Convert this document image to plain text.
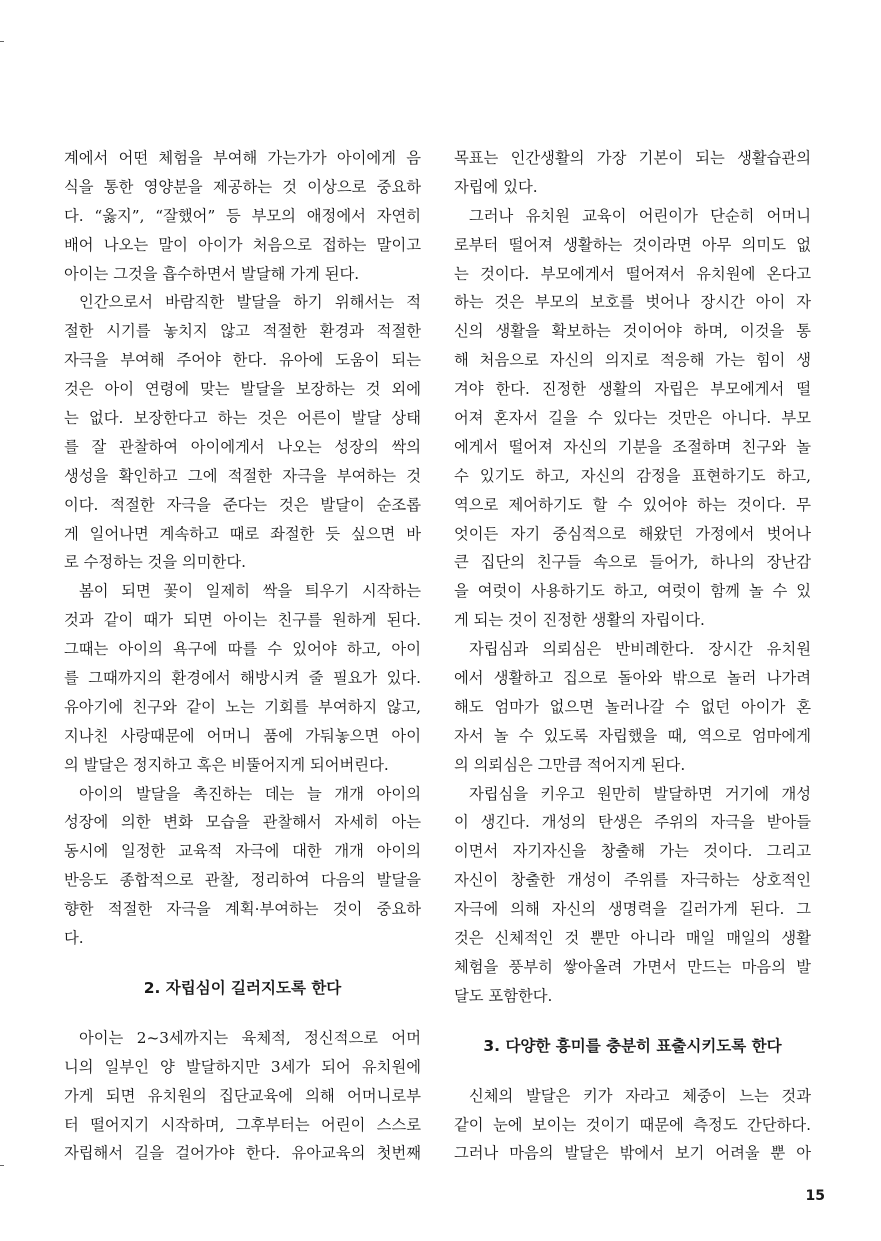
계에서 어떤 체험을 부여해 가는가가 아이에게 음
식을 통한 영양분을 제공하는 것 이상으로 중요하
다. “옳지”, “잘했어” 등 부모의 애정에서 자연히
배어 나오는 말이 아이가 처음으로 접하는 말이고
아이는 그것을 흡수하면서 발달해 가게 된다.
인간으로서 바람직한 발달을 하기 위해서는 적
절한 시기를 놓치지 않고 적절한 환경과 적절한
자극을 부여해 주어야 한다. 유아에 도움이 되는
것은 아이 연령에 맞는 발달을 보장하는 것 외에
는 없다. 보장한다고 하는 것은 어른이 발달 상태
를 잘 관찰하여 아이에게서 나오는 성장의 싹의
생성을 확인하고 그에 적절한 자극을 부여하는 것
이다. 적절한 자극을 준다는 것은 발달이 순조롭
게 일어나면 계속하고 때로 좌절한 듯 싶으면 바
로 수정하는 것을 의미한다.
봄이 되면 꽃이 일제히 싹을 틔우기 시작하는
것과 같이 때가 되면 아이는 친구를 원하게 된다.
그때는 아이의 욕구에 따를 수 있어야 하고, 아이
를 그때까지의 환경에서 해방시켜 줄 필요가 있다.
유아기에 친구와 같이 노는 기회를 부여하지 않고,
지나친 사랑때문에 어머니 품에 가둬놓으면 아이
의 발달은 정지하고 혹은 비뚤어지게 되어버린다.
아이의 발달을 촉진하는 데는 늘 개개 아이의
성장에 의한 변화 모습을 관찰해서 자세히 아는
동시에 일정한 교육적 자극에 대한 개개 아이의
반응도 종합적으로 관찰, 정리하여 다음의 발달을
향한 적절한 자극을 계획·부여하는 것이 중요하
다.
2. 자립심이 길러지도록 한다
아이는 2~3세까지는 육체적, 정신적으로 어머
니의 일부인 양 발달하지만 3세가 되어 유치원에
가게 되면 유치원의 집단교육에 의해 어머니로부
터 떨어지기 시작하며, 그후부터는 어린이 스스로
자립해서 길을 걸어가야 한다. 유아교육의 첫번째
목표는 인간생활의 가장 기본이 되는 생활습관의
자립에 있다.
그러나 유치원 교육이 어린이가 단순히 어머니
로부터 떨어져 생활하는 것이라면 아무 의미도 없
는 것이다. 부모에게서 떨어져서 유치원에 온다고
하는 것은 부모의 보호를 벗어나 장시간 아이 자
신의 생활을 확보하는 것이어야 하며, 이것을 통
해 처음으로 자신의 의지로 적응해 가는 힘이 생
겨야 한다. 진정한 생활의 자립은 부모에게서 떨
어져 혼자서 길을 수 있다는 것만은 아니다. 부모
에게서 떨어져 자신의 기분을 조절하며 친구와 놀
수 있기도 하고, 자신의 감정을 표현하기도 하고,
역으로 제어하기도 할 수 있어야 하는 것이다. 무
엇이든 자기 중심적으로 해왔던 가정에서 벗어나
큰 집단의 친구들 속으로 들어가, 하나의 장난감
을 여럿이 사용하기도 하고, 여럿이 함께 놀 수 있
게 되는 것이 진정한 생활의 자립이다.
자립심과 의뢰심은 반비례한다. 장시간 유치원
에서 생활하고 집으로 돌아와 밖으로 놀러 나가려
해도 엄마가 없으면 놀러나갈 수 없던 아이가 혼
자서 놀 수 있도록 자립했을 때, 역으로 엄마에게
의 의뢰심은 그만큼 적어지게 된다.
자립심을 키우고 원만히 발달하면 거기에 개성
이 생긴다. 개성의 탄생은 주위의 자극을 받아들
이면서 자기자신을 창출해 가는 것이다. 그리고
자신이 창출한 개성이 주위를 자극하는 상호적인
자극에 의해 자신의 생명력을 길러가게 된다. 그
것은 신체적인 것 뿐만 아니라 매일 매일의 생활
체험을 풍부히 쌓아올려 가면서 만드는 마음의 발
달도 포함한다.
3. 다양한 흥미를 충분히 표출시키도록 한다
신체의 발달은 키가 자라고 체중이 느는 것과
같이 눈에 보이는 것이기 때문에 측정도 간단하다.
그러나 마음의 발달은 밖에서 보기 어려울 뿐 아
15
